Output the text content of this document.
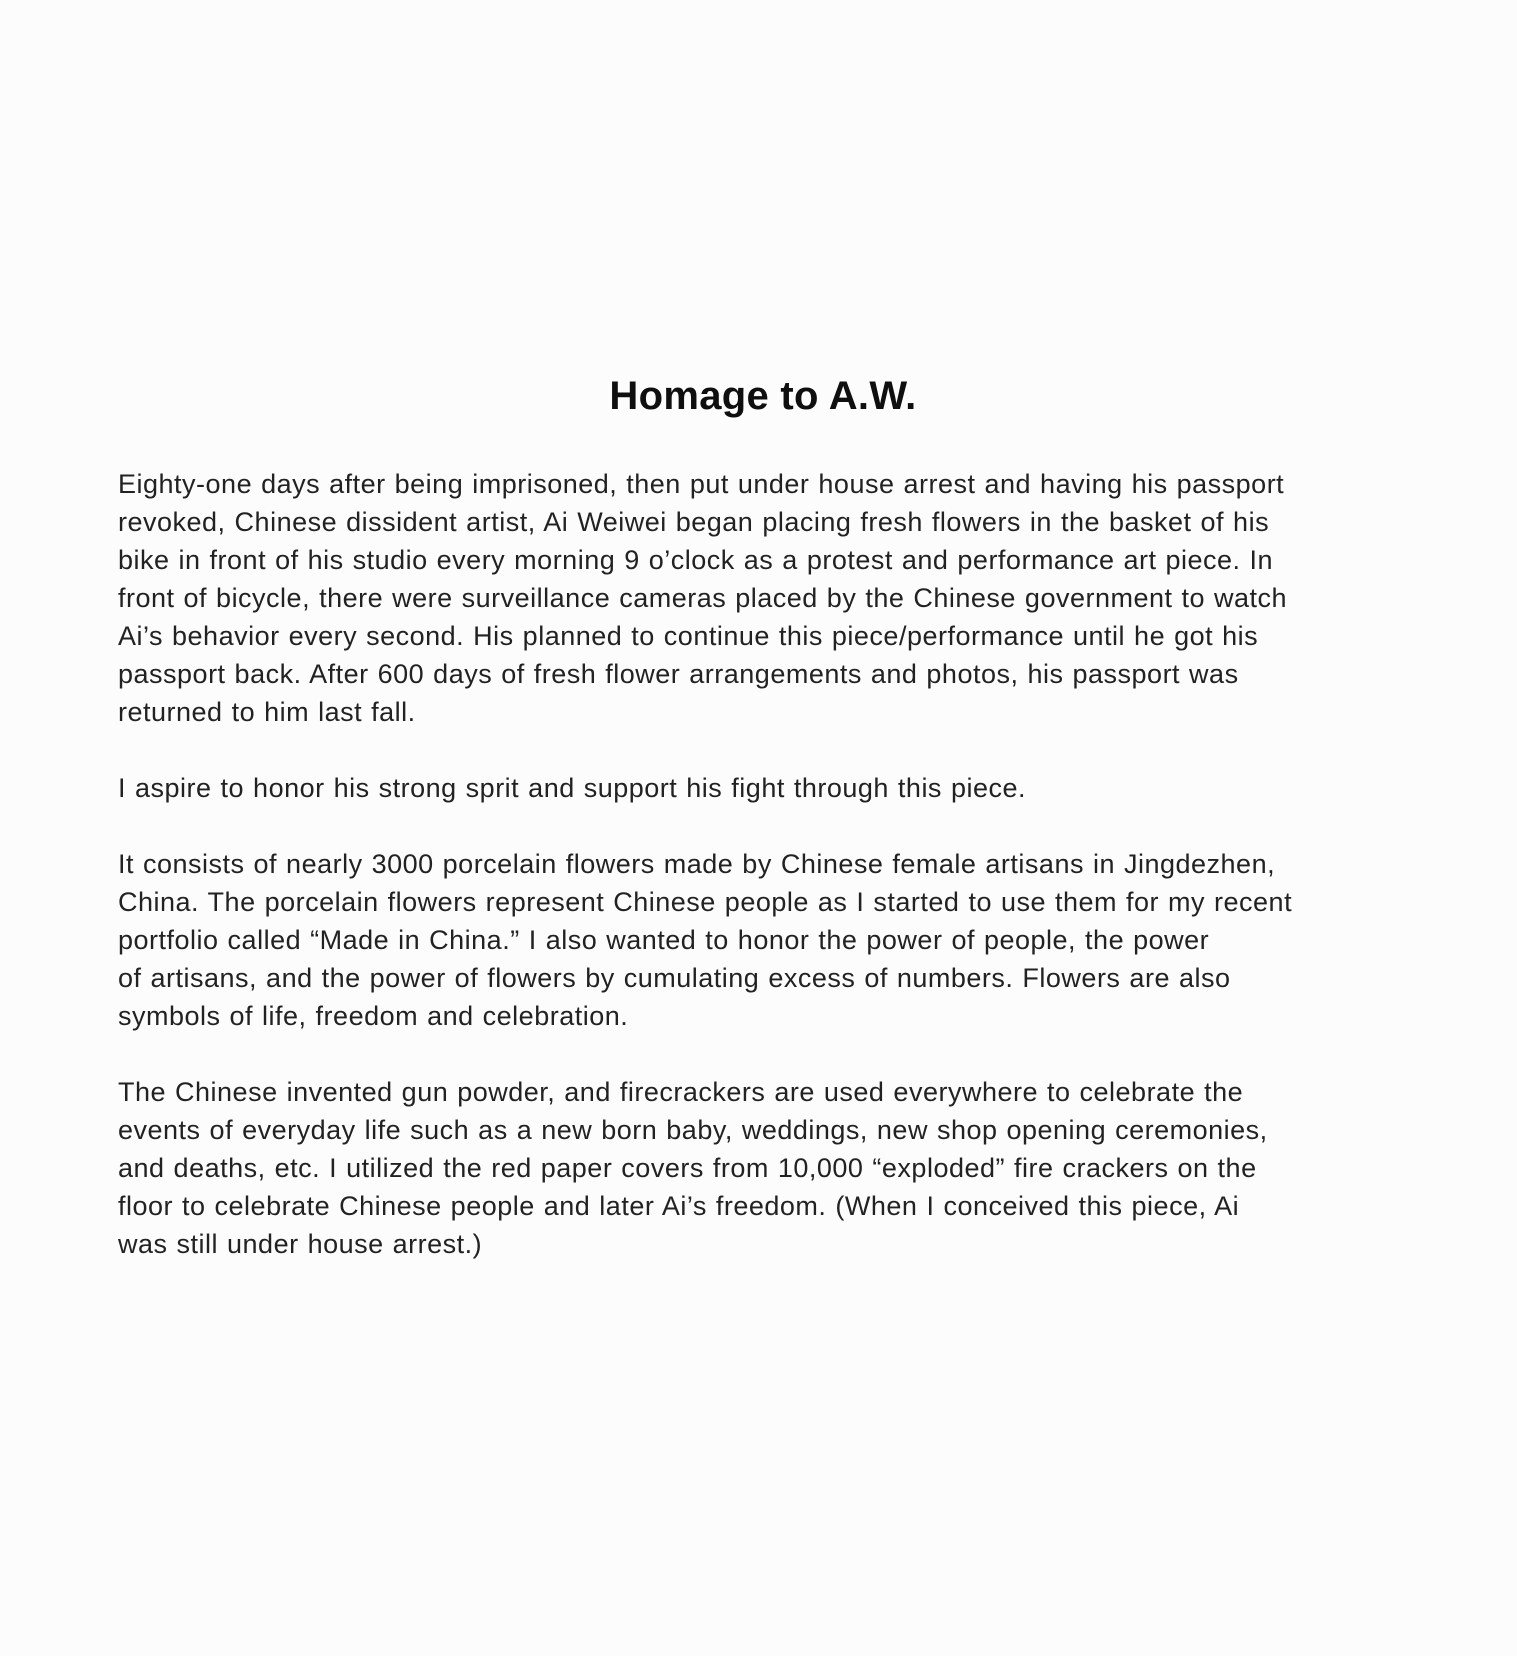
Homage to A.W.

Eighty-one days after being imprisoned, then put under house arrest and having his passport
revoked, Chinese dissident artist, Ai Weiwei began placing fresh flowers in the basket of his
bike in front of his studio every morning 9 o’clock as a protest and performance art piece. In
front of bicycle, there were surveillance cameras placed by the Chinese government to watch
Ai’s behavior every second. His planned to continue this piece/performance until he got his
passport back. After 600 days of fresh flower arrangements and photos, his passport was
returned to him last fall.

I aspire to honor his strong sprit and support his fight through this piece.

It consists of nearly 3000 porcelain flowers made by Chinese female artisans in Jingdezhen,
China. The porcelain flowers represent Chinese people as I started to use them for my recent
portfolio called “Made in China.” I also wanted to honor the power of people, the power
of artisans, and the power of flowers by cumulating excess of numbers. Flowers are also
symbols of life, freedom and celebration.

The Chinese invented gun powder, and firecrackers are used everywhere to celebrate the
events of everyday life such as a new born baby, weddings, new shop opening ceremonies,
and deaths, etc. I utilized the red paper covers from 10,000 “exploded” fire crackers on the
floor to celebrate Chinese people and later Ai’s freedom. (When I conceived this piece, Ai
was still under house arrest.)
